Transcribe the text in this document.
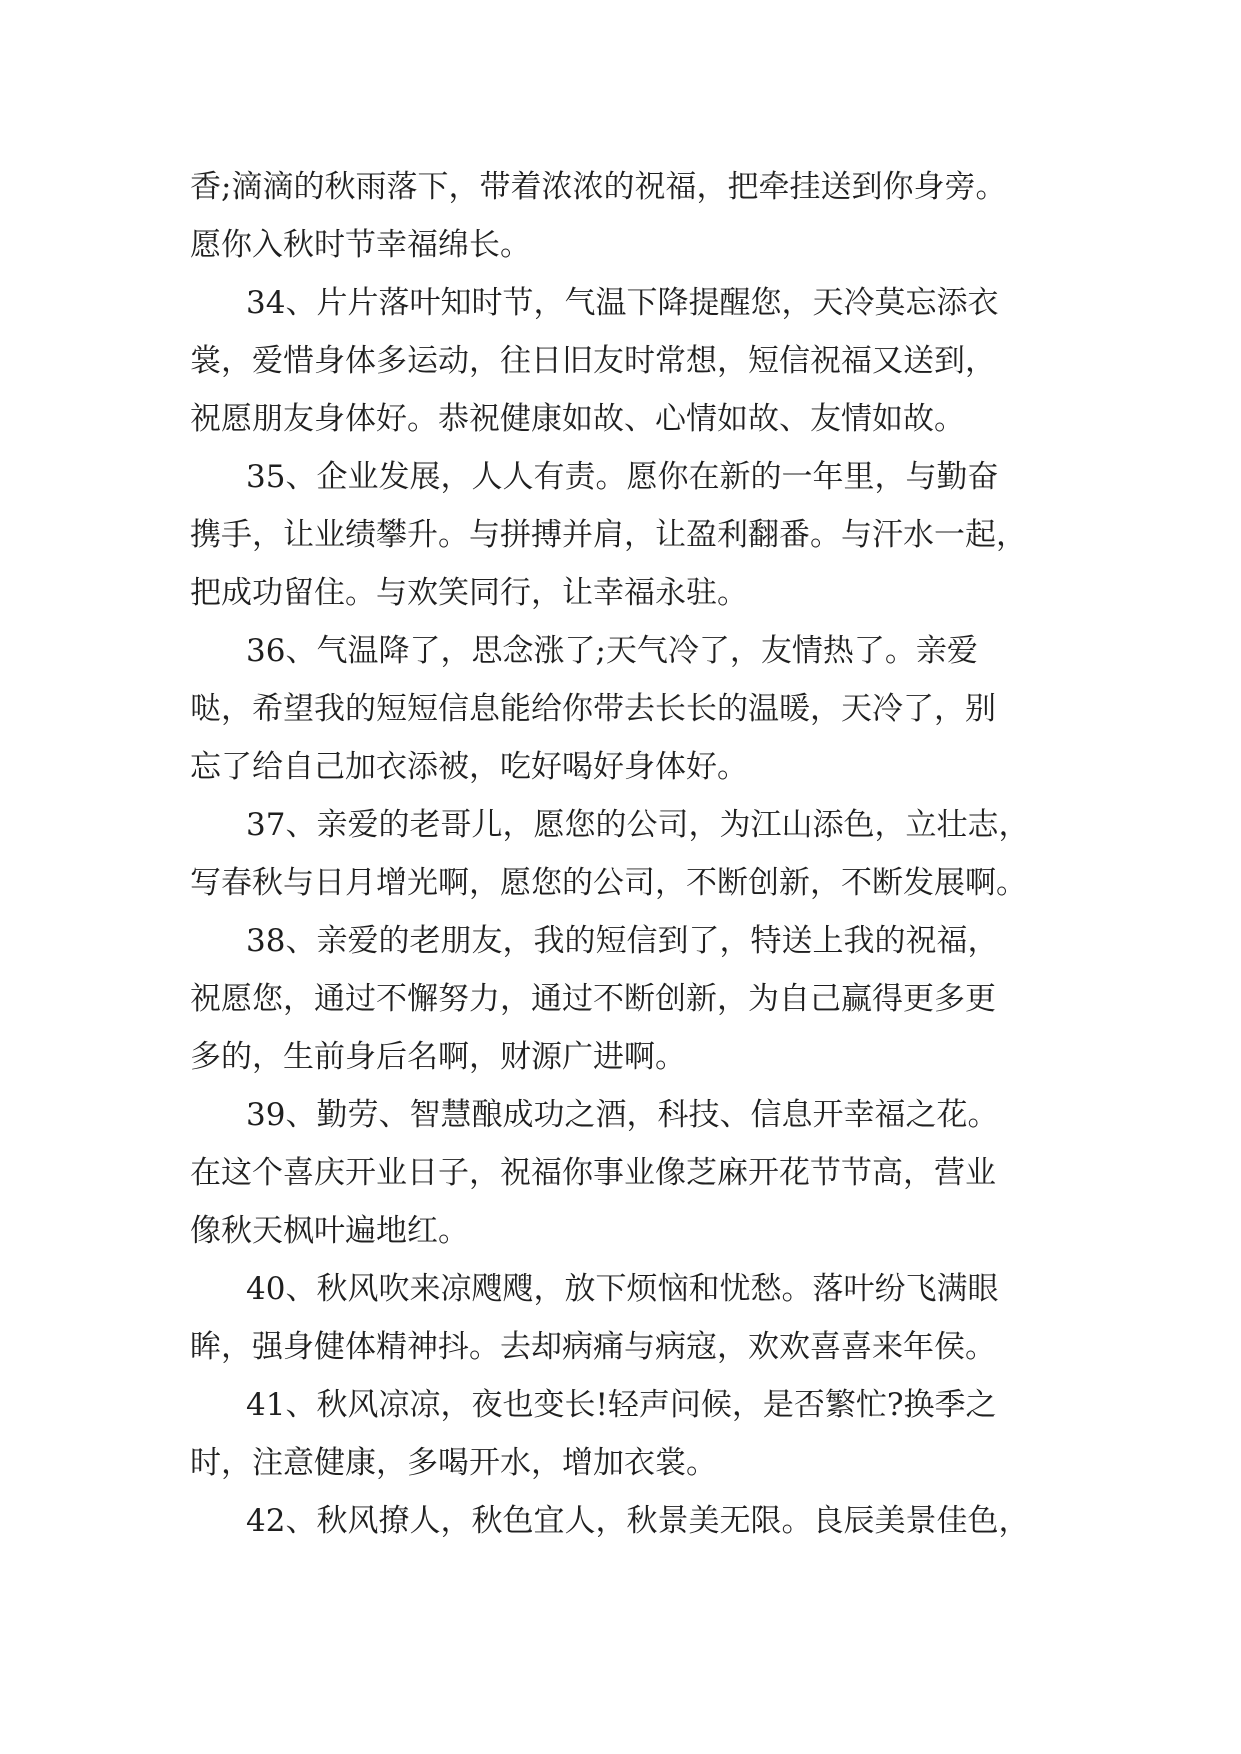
香;滴滴的秋雨落下，带着浓浓的祝福，把牵挂送到你身旁。
愿你入秋时节幸福绵长。
34、片片落叶知时节，气温下降提醒您，天冷莫忘添衣
裳，爱惜身体多运动，往日旧友时常想，短信祝福又送到，
祝愿朋友身体好。恭祝健康如故、心情如故、友情如故。
35、企业发展，人人有责。愿你在新的一年里，与勤奋
携手，让业绩攀升。与拼搏并肩，让盈利翻番。与汗水一起，
把成功留住。与欢笑同行，让幸福永驻。
36、气温降了，思念涨了;天气冷了，友情热了。亲爱
哒，希望我的短短信息能给你带去长长的温暖，天冷了，别
忘了给自己加衣添被，吃好喝好身体好。
37、亲爱的老哥儿，愿您的公司，为江山添色，立壮志，
写春秋与日月增光啊，愿您的公司，不断创新，不断发展啊。
38、亲爱的老朋友，我的短信到了，特送上我的祝福，
祝愿您，通过不懈努力，通过不断创新，为自己赢得更多更
多的，生前身后名啊，财源广进啊。
39、勤劳、智慧酿成功之酒，科技、信息开幸福之花。
在这个喜庆开业日子，祝福你事业像芝麻开花节节高，营业
像秋天枫叶遍地红。
40、秋风吹来凉飕飕，放下烦恼和忧愁。落叶纷飞满眼
眸，强身健体精神抖。去却病痛与病寇，欢欢喜喜来年侯。
41、秋风凉凉，夜也变长!轻声问候，是否繁忙?换季之
时，注意健康，多喝开水，增加衣裳。
42、秋风撩人，秋色宜人，秋景美无限。良辰美景佳色，
